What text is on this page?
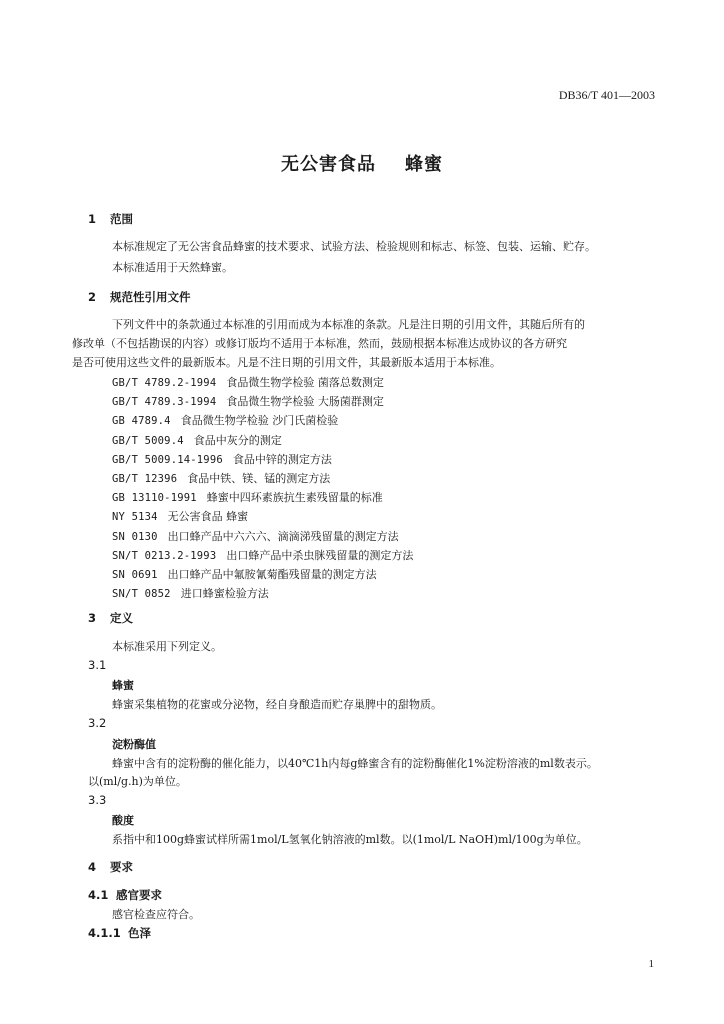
DB36/T 401—2003
无公害食品    蜂蜜
1 范围
本标准规定了无公害食品蜂蜜的技术要求、试验方法、检验规则和标志、标签、包装、运输、贮存。
本标准适用于天然蜂蜜。
2 规范性引用文件
下列文件中的条款通过本标准的引用而成为本标准的条款。凡是注日期的引用文件，其随后所有的
修改单（不包括勘误的内容）或修订版均不适用于本标准，然而，鼓励根据本标准达成协议的各方研究
是否可使用这些文件的最新版本。凡是不注日期的引用文件，其最新版本适用于本标准。
GB/T 4789.2-1994 食品微生物学检验 菌落总数测定
GB/T 4789.3-1994 食品微生物学检验 大肠菌群测定
GB 4789.4 食品微生物学检验 沙门氏菌检验
GB/T 5009.4 食品中灰分的测定
GB/T 5009.14-1996 食品中锌的测定方法
GB/T 12396 食品中铁、镁、锰的测定方法
GB 13110-1991 蜂蜜中四环素族抗生素残留量的标准
NY 5134 无公害食品 蜂蜜
SN 0130 出口蜂产品中六六六、滴滴涕残留量的测定方法
SN/T 0213.2-1993 出口蜂产品中杀虫脒残留量的测定方法
SN 0691 出口蜂产品中氟胺氰菊酯残留量的测定方法
SN/T 0852 进口蜂蜜检验方法
3 定义
本标准采用下列定义。
3.1
蜂蜜
蜂蜜采集植物的花蜜或分泌物，经自身酿造而贮存巢脾中的甜物质。
3.2
淀粉酶值
蜂蜜中含有的淀粉酶的催化能力，以40℃1h内每g蜂蜜含有的淀粉酶催化1%淀粉溶液的ml数表示。
以(ml/g.h)为单位。
3.3
酸度
系指中和100g蜂蜜试样所需1mol/L氢氧化钠溶液的ml数。以(1mol/L NaOH)ml/100g为单位。
4 要求
4.1 感官要求
感官检查应符合。
4.1.1 色泽
1
